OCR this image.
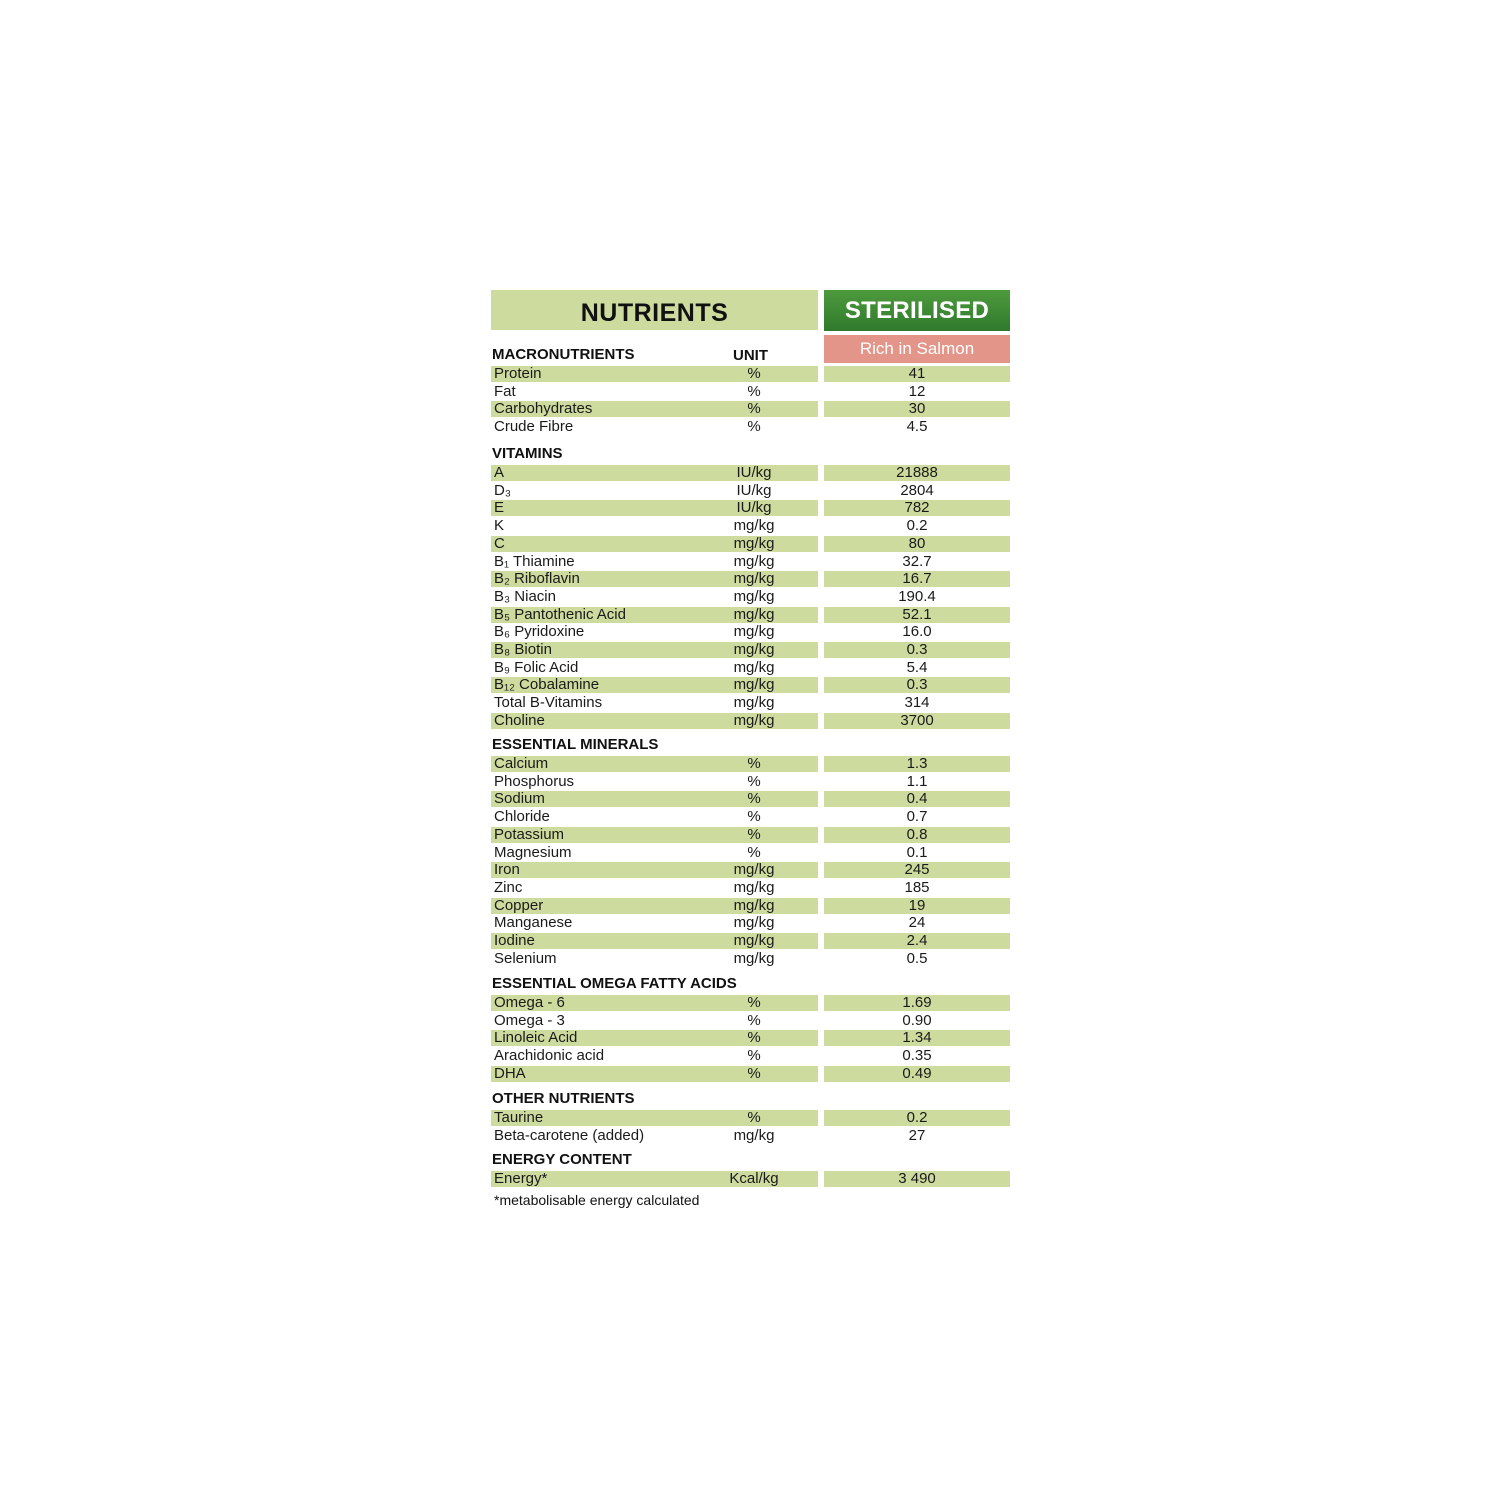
NUTRIENTS	STERILISED
Rich in Salmon
UNIT
MACRONUTRIENTS
Protein	%	41
Fat	%	12
Carbohydrates	%	30
Crude Fibre	%	4.5
VITAMINS
A	IU/kg	21888
D₃	IU/kg	2804
E	IU/kg	782
K	mg/kg	0.2
C	mg/kg	80
B₁ Thiamine	mg/kg	32.7
B₂ Riboflavin	mg/kg	16.7
B₃ Niacin	mg/kg	190.4
B₅ Pantothenic Acid	mg/kg	52.1
B₆ Pyridoxine	mg/kg	16.0
B₈ Biotin	mg/kg	0.3
B₉ Folic Acid	mg/kg	5.4
B₁₂ Cobalamine	mg/kg	0.3
Total B-Vitamins	mg/kg	314
Choline	mg/kg	3700
ESSENTIAL MINERALS
Calcium	%	1.3
Phosphorus	%	1.1
Sodium	%	0.4
Chloride	%	0.7
Potassium	%	0.8
Magnesium	%	0.1
Iron	mg/kg	245
Zinc	mg/kg	185
Copper	mg/kg	19
Manganese	mg/kg	24
Iodine	mg/kg	2.4
Selenium	mg/kg	0.5
ESSENTIAL OMEGA FATTY ACIDS
Omega - 6	%	1.69
Omega - 3	%	0.90
Linoleic Acid	%	1.34
Arachidonic acid	%	0.35
DHA	%	0.49
OTHER NUTRIENTS
Taurine	%	0.2
Beta-carotene (added)	mg/kg	27
ENERGY CONTENT
Energy*	Kcal/kg	3 490
*metabolisable energy calculated
